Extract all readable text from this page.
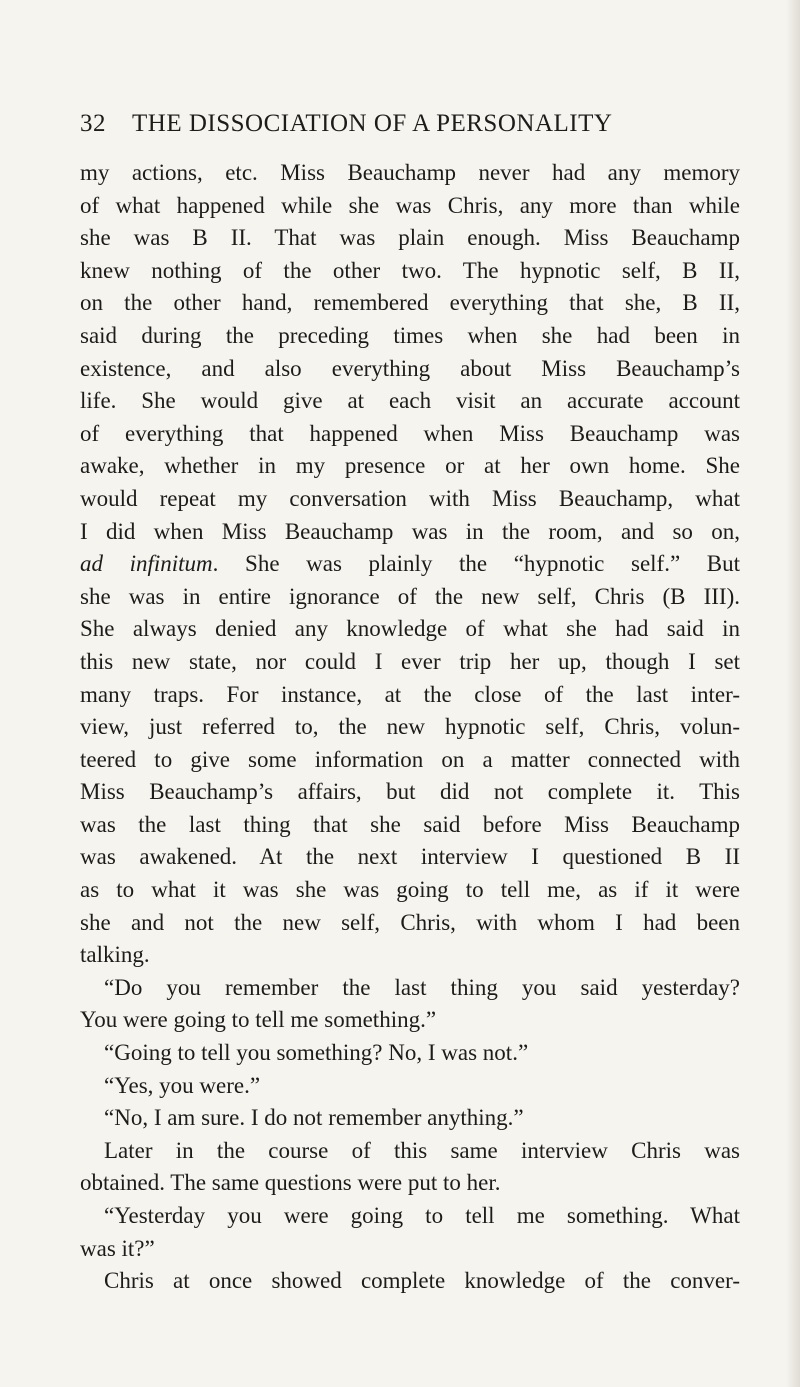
32 THE DISSOCIATION OF A PERSONALITY
my actions, etc. Miss Beauchamp never had any memory
of what happened while she was Chris, any more than while
she was B II. That was plain enough. Miss Beauchamp
knew nothing of the other two. The hypnotic self, B II,
on the other hand, remembered everything that she, B II,
said during the preceding times when she had been in
existence, and also everything about Miss Beauchamp’s
life. She would give at each visit an accurate account
of everything that happened when Miss Beauchamp was
awake, whether in my presence or at her own home. She
would repeat my conversation with Miss Beauchamp, what
I did when Miss Beauchamp was in the room, and so on,
ad infinitum. She was plainly the “hypnotic self.” But
she was in entire ignorance of the new self, Chris (B III).
She always denied any knowledge of what she had said in
this new state, nor could I ever trip her up, though I set
many traps. For instance, at the close of the last inter-
view, just referred to, the new hypnotic self, Chris, volun-
teered to give some information on a matter connected with
Miss Beauchamp’s affairs, but did not complete it. This
was the last thing that she said before Miss Beauchamp
was awakened. At the next interview I questioned B II
as to what it was she was going to tell me, as if it were
she and not the new self, Chris, with whom I had been
talking.
“Do you remember the last thing you said yesterday?
You were going to tell me something.”
“Going to tell you something? No, I was not.”
“Yes, you were.”
“No, I am sure. I do not remember anything.”
Later in the course of this same interview Chris was
obtained. The same questions were put to her.
“Yesterday you were going to tell me something. What
was it?”
Chris at once showed complete knowledge of the conver-
